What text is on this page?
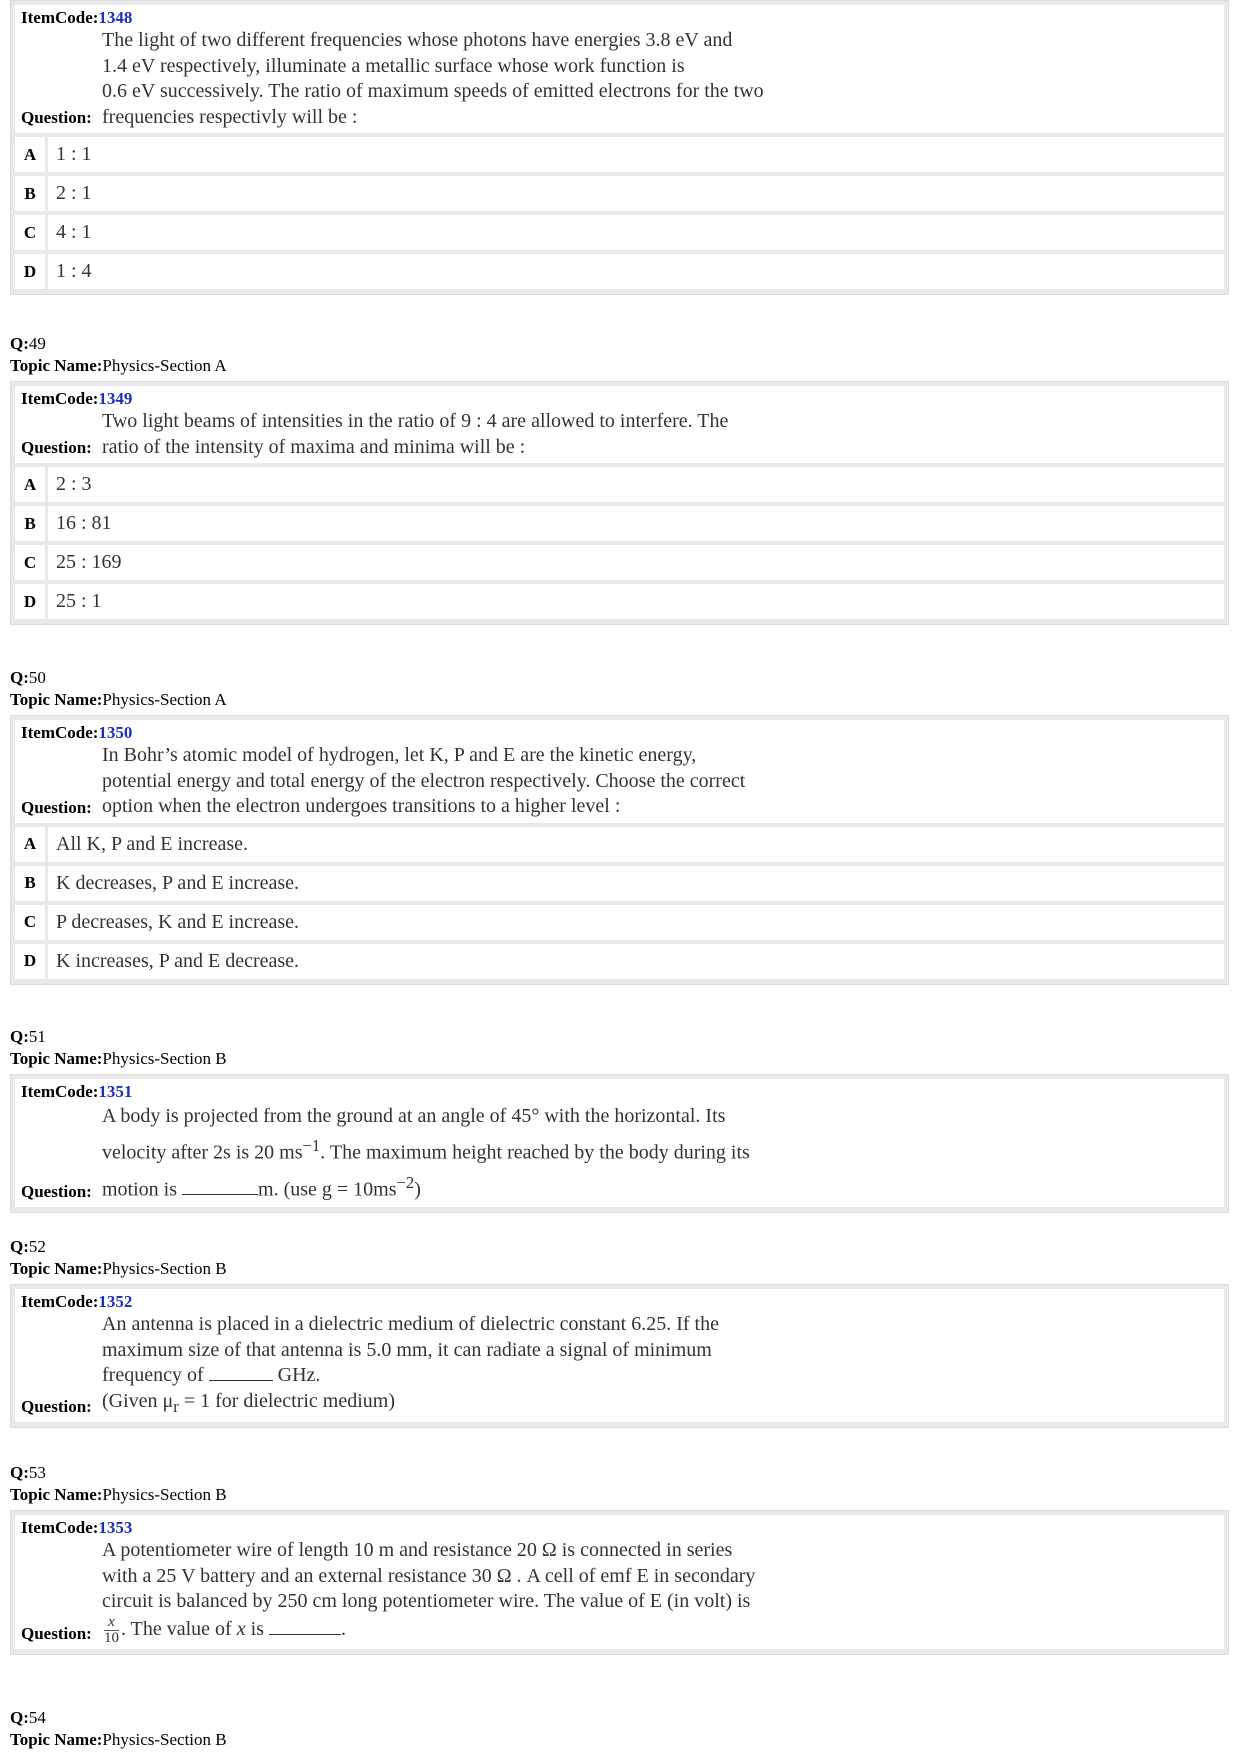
ItemCode:1348
Question:
The light of two different frequencies whose photons have energies 3.8 eV and
1.4 eV respectively, illuminate a metallic surface whose work function is
0.6 eV successively. The ratio of maximum speeds of emitted electrons for the two
frequencies respectivly will be :
A 1 : 1
B	2 : 1
C 4 : 1
D 1 : 4
Q:49
Topic Name:Physics-Section A
ItemCode:1349
Question:
Two light beams of intensities in the ratio of 9 : 4 are allowed to interfere. The
ratio of the intensity of maxima and minima will be :
A 2 : 3
B	16 : 81
C 25 : 169
D 25 : 1
Q:50
Topic Name:Physics-Section A
ItemCode:1350
Question:
In Bohr’s atomic model of hydrogen, let K, P and E are the kinetic energy,
potential energy and total energy of the electron respectively. Choose the correct
option when the electron undergoes transitions to a higher level :
A All K, P and E increase.
B	K decreases, P and E increase.
C P decreases, K and E increase.
D K increases, P and E decrease.
Q:51
Topic Name:Physics-Section B
ItemCode:1351
Question:
A body is projected from the ground at an angle of 45° with the horizontal. Its
velocity after 2s is 20 $ms^{-1}$. The maximum height reached by the body during its
motion is	m. (use $g = 10ms^{-2}$)
Q:52
Topic Name:Physics-Section B
ItemCode:1352
Question:
An antenna is placed in a dielectric medium of dielectric constant 6.25. If the
maximum size of that antenna is 5.0 mm, it can radiate a signal of minimum
frequency of	GHz.
(Given $\mu_r = 1$ for dielectric medium)
Q:53
Topic Name:Physics-Section B
ItemCode:1353
Question:
A potentiometer wire of length 10 m and resistance 20 Ω is connected in series
with a 25 V battery and an external resistance 30 Ω . A cell of emf E in secondary
circuit is balanced by 250 cm long potentiometer wire. The value of E (in volt) is
$\frac{x}{10}$ . The value of x is	.
Q:54
Topic Name:Physics-Section B
